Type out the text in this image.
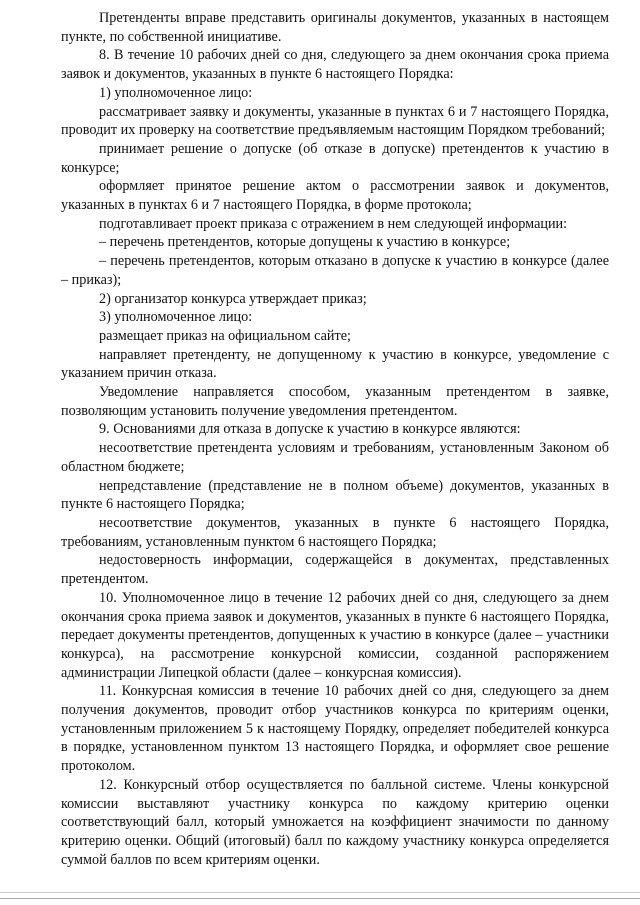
Претенденты вправе представить оригиналы документов, указанных в настоящем пункте, по собственной инициативе.

8. В течение 10 рабочих дней со дня, следующего за днем окончания срока приема заявок и документов, указанных в пункте 6 настоящего Порядка:

1) уполномоченное лицо:

рассматривает заявку и документы, указанные в пунктах 6 и 7 настоящего Порядка, проводит их проверку на соответствие предъявляемым настоящим Порядком требований;

принимает решение о допуске (об отказе в допуске) претендентов к участию в конкурсе;

оформляет принятое решение актом о рассмотрении заявок и документов, указанных в пунктах 6 и 7 настоящего Порядка, в форме протокола;

подготавливает проект приказа с отражением в нем следующей информации:

– перечень претендентов, которые допущены к участию в конкурсе;

– перечень претендентов, которым отказано в допуске к участию в конкурсе (далее – приказ);

2) организатор конкурса утверждает приказ;

3) уполномоченное лицо:

размещает приказ на официальном сайте;

направляет претенденту, не допущенному к участию в конкурсе, уведомление с указанием причин отказа.

Уведомление направляется способом, указанным претендентом в заявке, позволяющим установить получение уведомления претендентом.

9. Основаниями для отказа в допуске к участию в конкурсе являются:

несоответствие претендента условиям и требованиям, установленным Законом об областном бюджете;

непредставление (представление не в полном объеме) документов, указанных в пункте 6 настоящего Порядка;

несоответствие документов, указанных в пункте 6 настоящего Порядка, требованиям, установленным пунктом 6 настоящего Порядка;

недостоверность информации, содержащейся в документах, представленных претендентом.

10. Уполномоченное лицо в течение 12 рабочих дней со дня, следующего за днем окончания срока приема заявок и документов, указанных в пункте 6 настоящего Порядка, передает документы претендентов, допущенных к участию в конкурсе (далее – участники конкурса), на рассмотрение конкурсной комиссии, созданной распоряжением администрации Липецкой области (далее – конкурсная комиссия).

11. Конкурсная комиссия в течение 10 рабочих дней со дня, следующего за днем получения документов, проводит отбор участников конкурса по критериям оценки, установленным приложением 5 к настоящему Порядку, определяет победителей конкурса в порядке, установленном пунктом 13 настоящего Порядка, и оформляет свое решение протоколом.

12. Конкурсный отбор осуществляется по балльной системе. Члены конкурсной комиссии выставляют участнику конкурса по каждому критерию оценки соответствующий балл, который умножается на коэффициент значимости по данному критерию оценки. Общий (итоговый) балл по каждому участнику конкурса определяется суммой баллов по всем критериям оценки.
